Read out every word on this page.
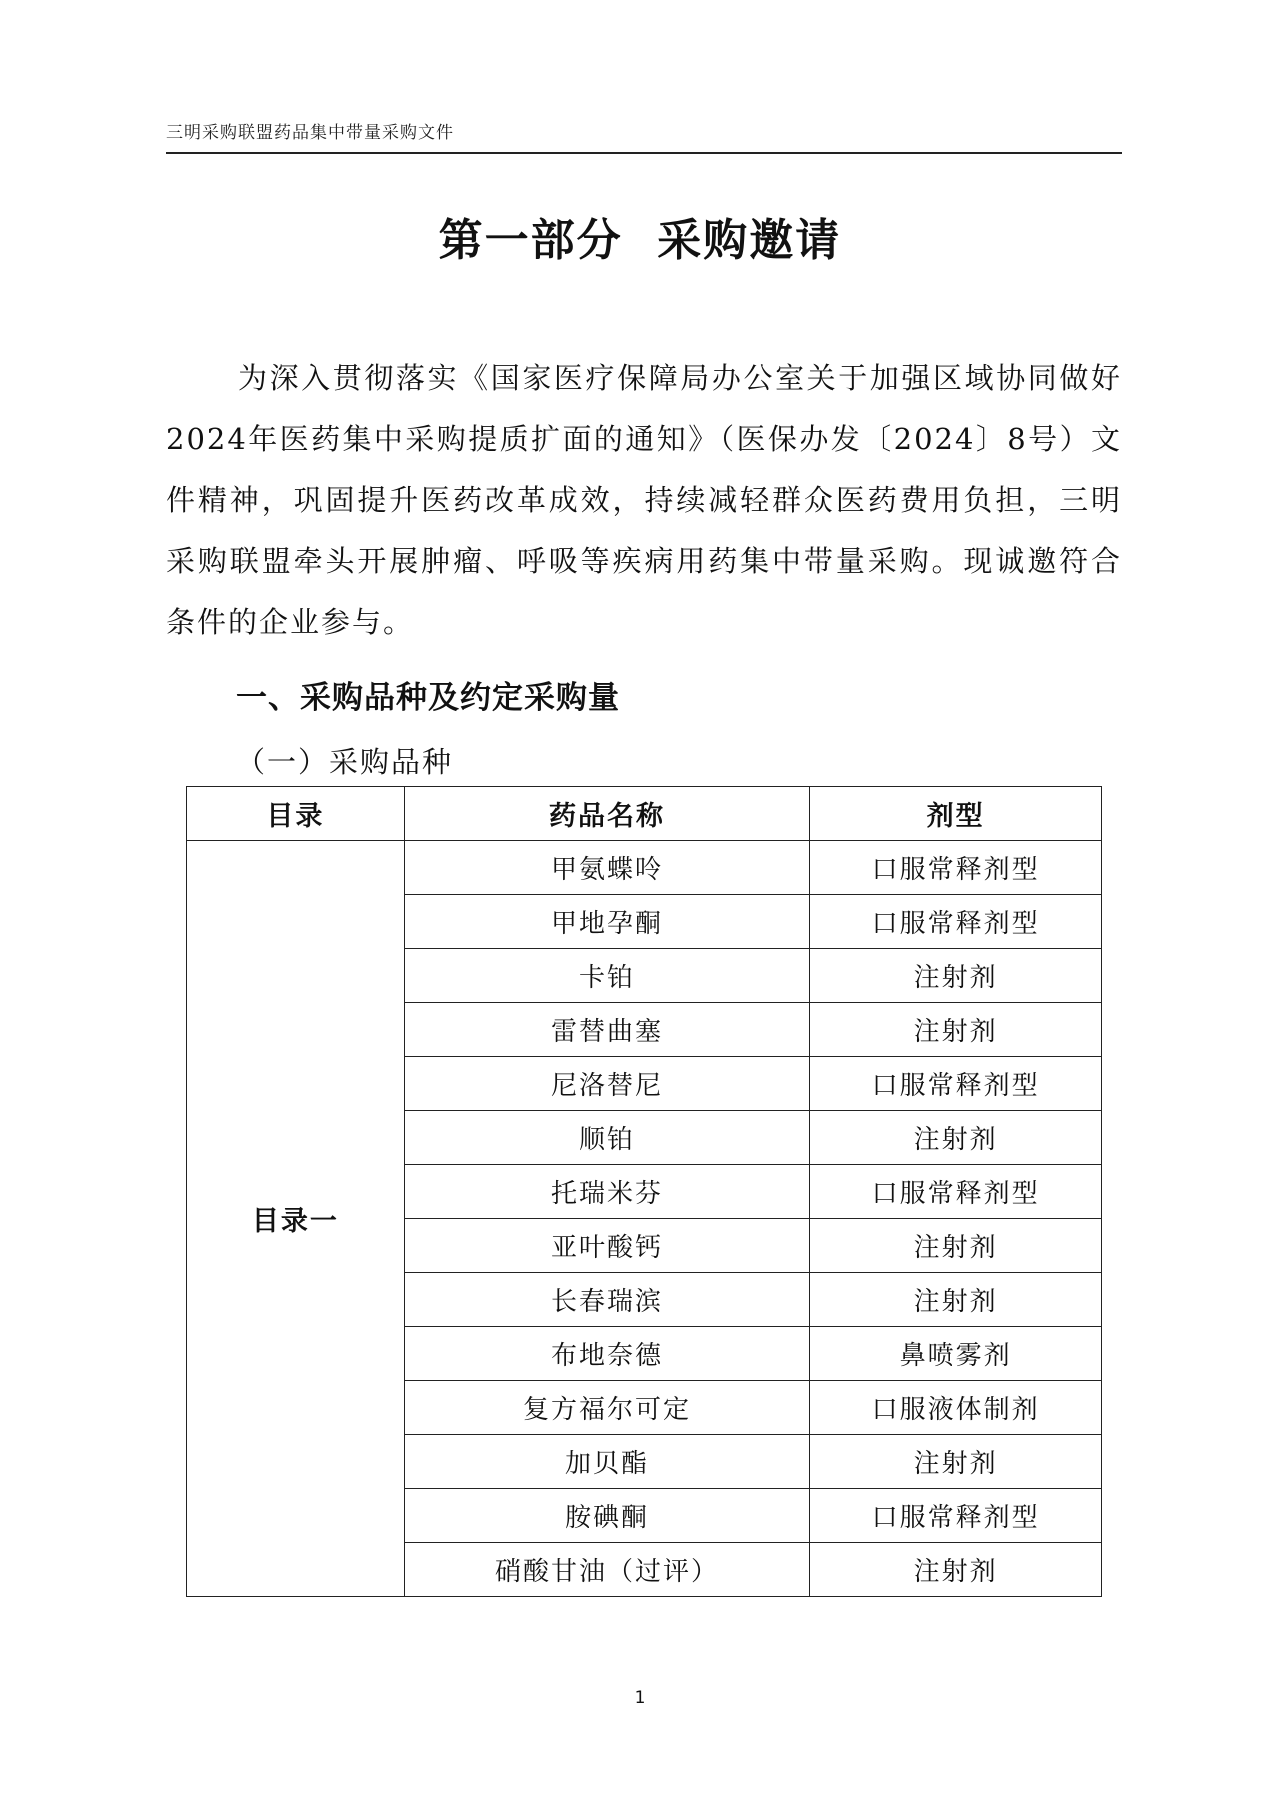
三明采购联盟药品集中带量采购文件
第一部分  采购邀请

为深入贯彻落实《国家医疗保障局办公室关于加强区域协同做好2024年医药集中采购提质扩面的通知》（医保办发〔2024〕8号）文件精神，巩固提升医药改革成效，持续减轻群众医药费用负担，三明采购联盟牵头开展肿瘤、呼吸等疾病用药集中带量采购。现诚邀符合条件的企业参与。

一、采购品种及约定采购量
（一）采购品种
目录	药品名称	剂型
目录一	甲氨蝶呤	口服常释剂型
	甲地孕酮	口服常释剂型
	卡铂	注射剂
	雷替曲塞	注射剂
	尼洛替尼	口服常释剂型
	顺铂	注射剂
	托瑞米芬	口服常释剂型
	亚叶酸钙	注射剂
	长春瑞滨	注射剂
	布地奈德	鼻喷雾剂
	复方福尔可定	口服液体制剂
	加贝酯	注射剂
	胺碘酮	口服常释剂型
	硝酸甘油（过评）	注射剂
1
